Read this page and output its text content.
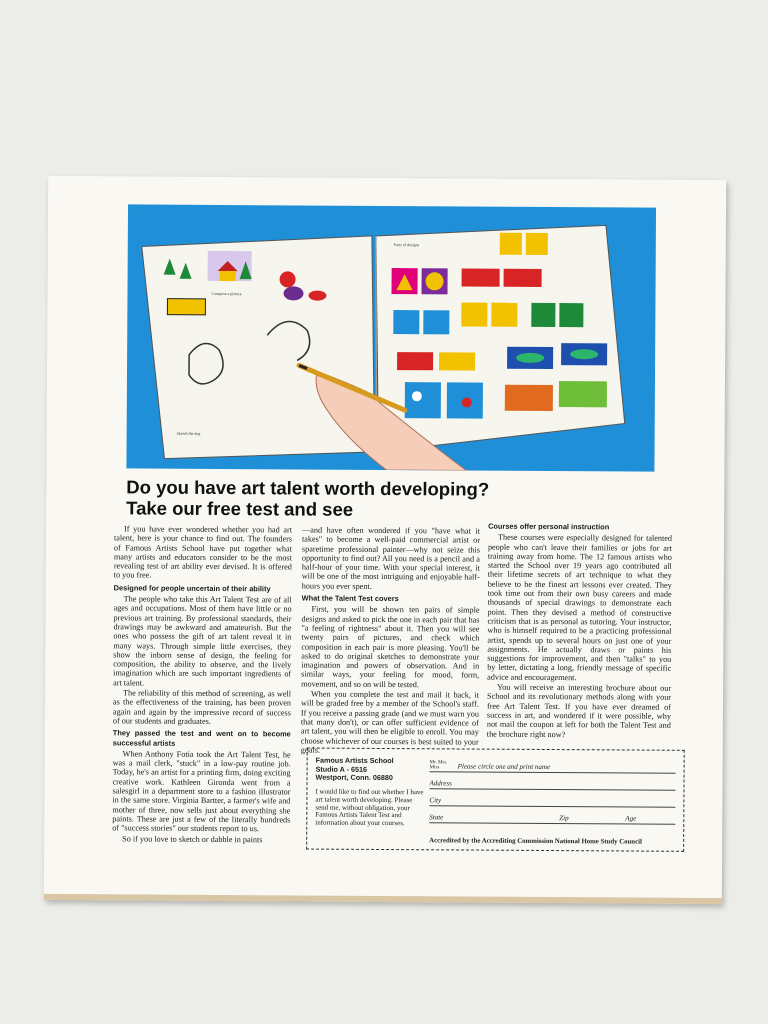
Compose a picture
Sketch the dog
Pairs of designs
Do you have art talent worth developing?
Take our free test and see

If you have ever wondered whether you had art talent, here is your chance to find out. The founders of Famous Artists School have put together what many artists and educators consider to be the most revealing test of art ability ever devised. It is offered to you free.

Designed for people uncertain of their ability

The people who take this Art Talent Test are of all ages and occupations. Most of them have little or no previous art training. By professional standards, their drawings may be awkward and amateurish. But the ones who possess the gift of art talent reveal it in many ways. Through simple little exercises, they show the inborn sense of design, the feeling for composition, the ability to observe, and the lively imagination which are such important ingredients of art talent.

The reliability of this method of screening, as well as the effectiveness of the training, has been proven again and again by the impressive record of success of our students and graduates.

They passed the test and went on to become successful artists

When Anthony Fotia took the Art Talent Test, he was a mail clerk, "stuck" in a low-pay routine job. Today, he's an artist for a printing firm, doing exciting creative work. Kathleen Gironda went from a salesgirl in a department store to a fashion illustrator in the same store. Virginia Bartter, a farmer's wife and mother of three, now sells just about everything she paints. These are just a few of the literally hundreds of "success stories" our students report to us.

So if you love to sketch or dabble in paints

—and have often wondered if you "have what it takes" to become a well-paid commercial artist or sparetime professional painter—why not seize this opportunity to find out? All you need is a pencil and a half-hour of your time. With your special interest, it will be one of the most intriguing and enjoyable half-hours you ever spent.

What the Talent Test covers

First, you will be shown ten pairs of simple designs and asked to pick the one in each pair that has "a feeling of rightness" about it. Then you will see twenty pairs of pictures, and check which composition in each pair is more pleasing. You'll be asked to do original sketches to demonstrate your imagination and powers of observation. And in similar ways, your feeling for mood, form, movement, and so on will be tested.

When you complete the test and mail it back, it will be graded free by a member of the School's staff. If you receive a passing grade (and we must warn you that many don't), or can offer sufficient evidence of art talent, you will then be eligible to enroll. You may choose whichever of our courses is best suited to your goals.

Courses offer personal instruction

These courses were especially designed for talented people who can't leave their families or jobs for art training away from home. The 12 famous artists who started the School over 19 years ago contributed all their lifetime secrets of art technique to what they believe to be the finest art lessons ever created. They took time out from their own busy careers and made thousands of special drawings to demonstrate each point. Then they devised a method of constructive criticism that is as personal as tutoring. Your instructor, who is himself required to be a practicing professional artist, spends up to several hours on just one of your assignments. He actually draws or paints his suggestions for improvement, and then "talks" to you by letter, dictating a long, friendly message of specific advice and encouragement.

You will receive an interesting brochure about our School and its revolutionary methods along with your free Art Talent Test. If you have ever dreamed of success in art, and wondered if it were possible, why not mail the coupon at left for both the Talent Test and the brochure right now?

Famous Artists School
Studio A - 6516
Westport, Conn. 06880
I would like to find out whether I have art talent worth developing. Please send me, without obligation, your Famous Artists Talent Test and information about your courses.
Mr. Mrs. Miss	Please circle one and print name
Address
City
State	Zip	Age
Accredited by the Accrediting Commission National Home Study Council
